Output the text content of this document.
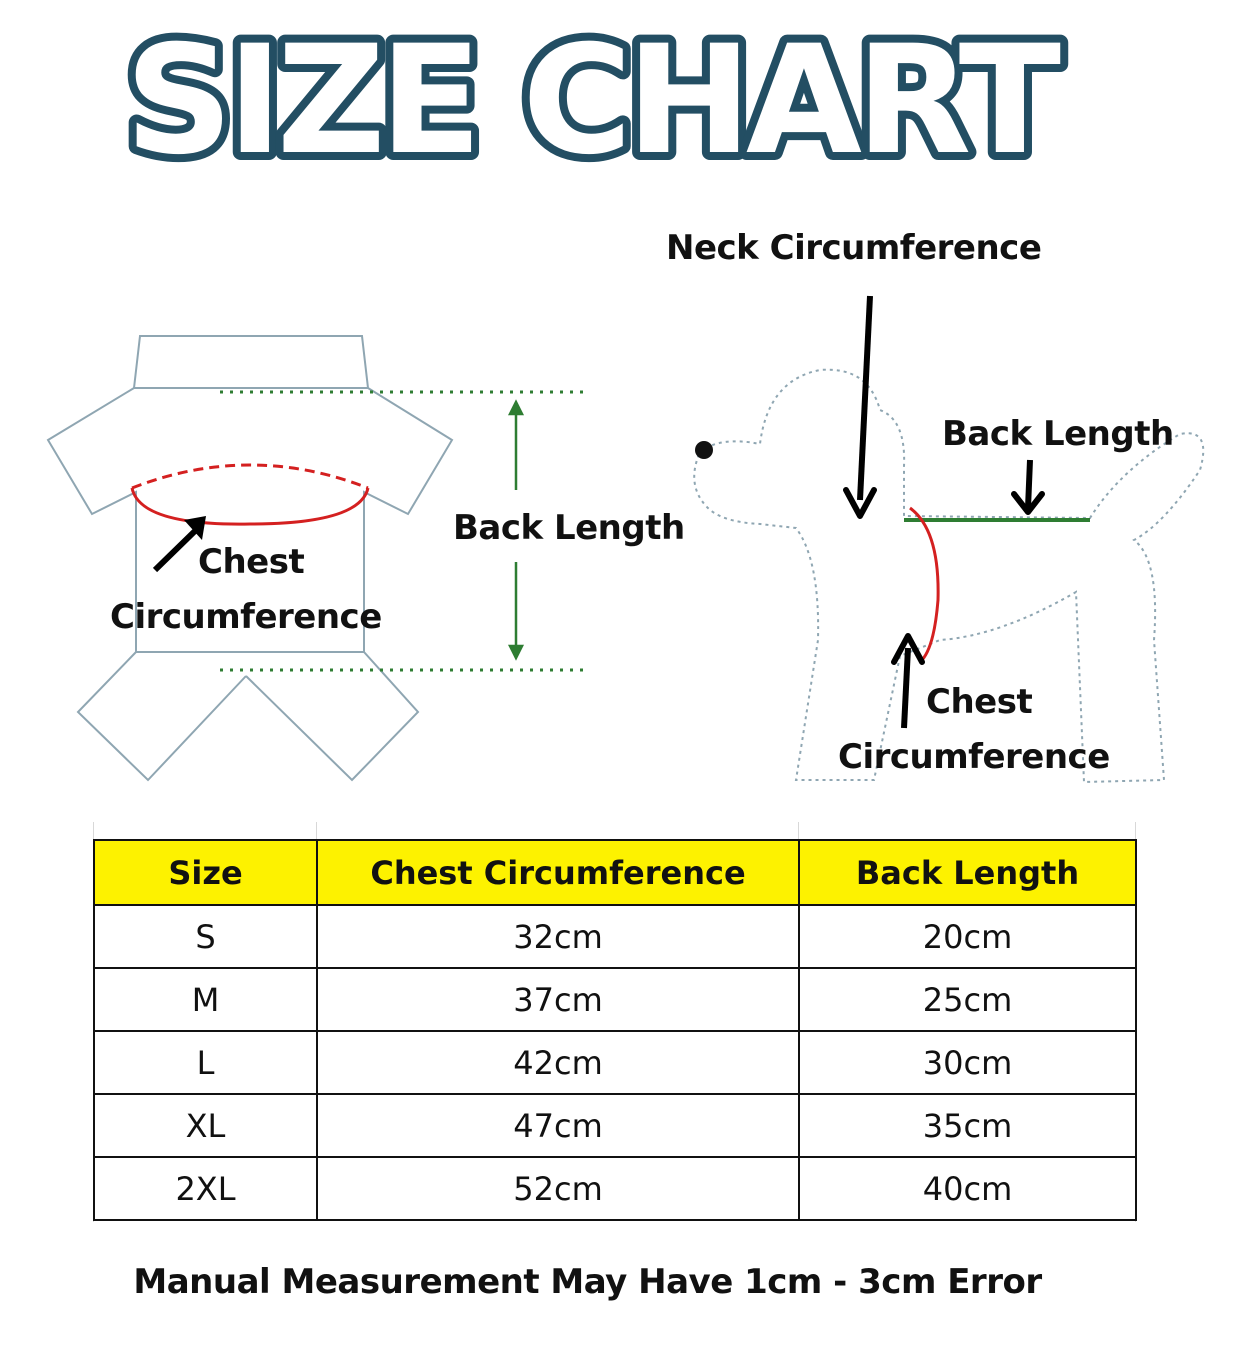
SIZE CHART
Neck Circumference
Back Length
Back Length
Chest
Circumference
Chest
Circumference
Size	Chest Circumference	Back Length
S	32cm	20cm
M	37cm	25cm
L	42cm	30cm
XL	47cm	35cm
2XL	52cm	40cm
Manual Measurement May Have 1cm - 3cm Error
